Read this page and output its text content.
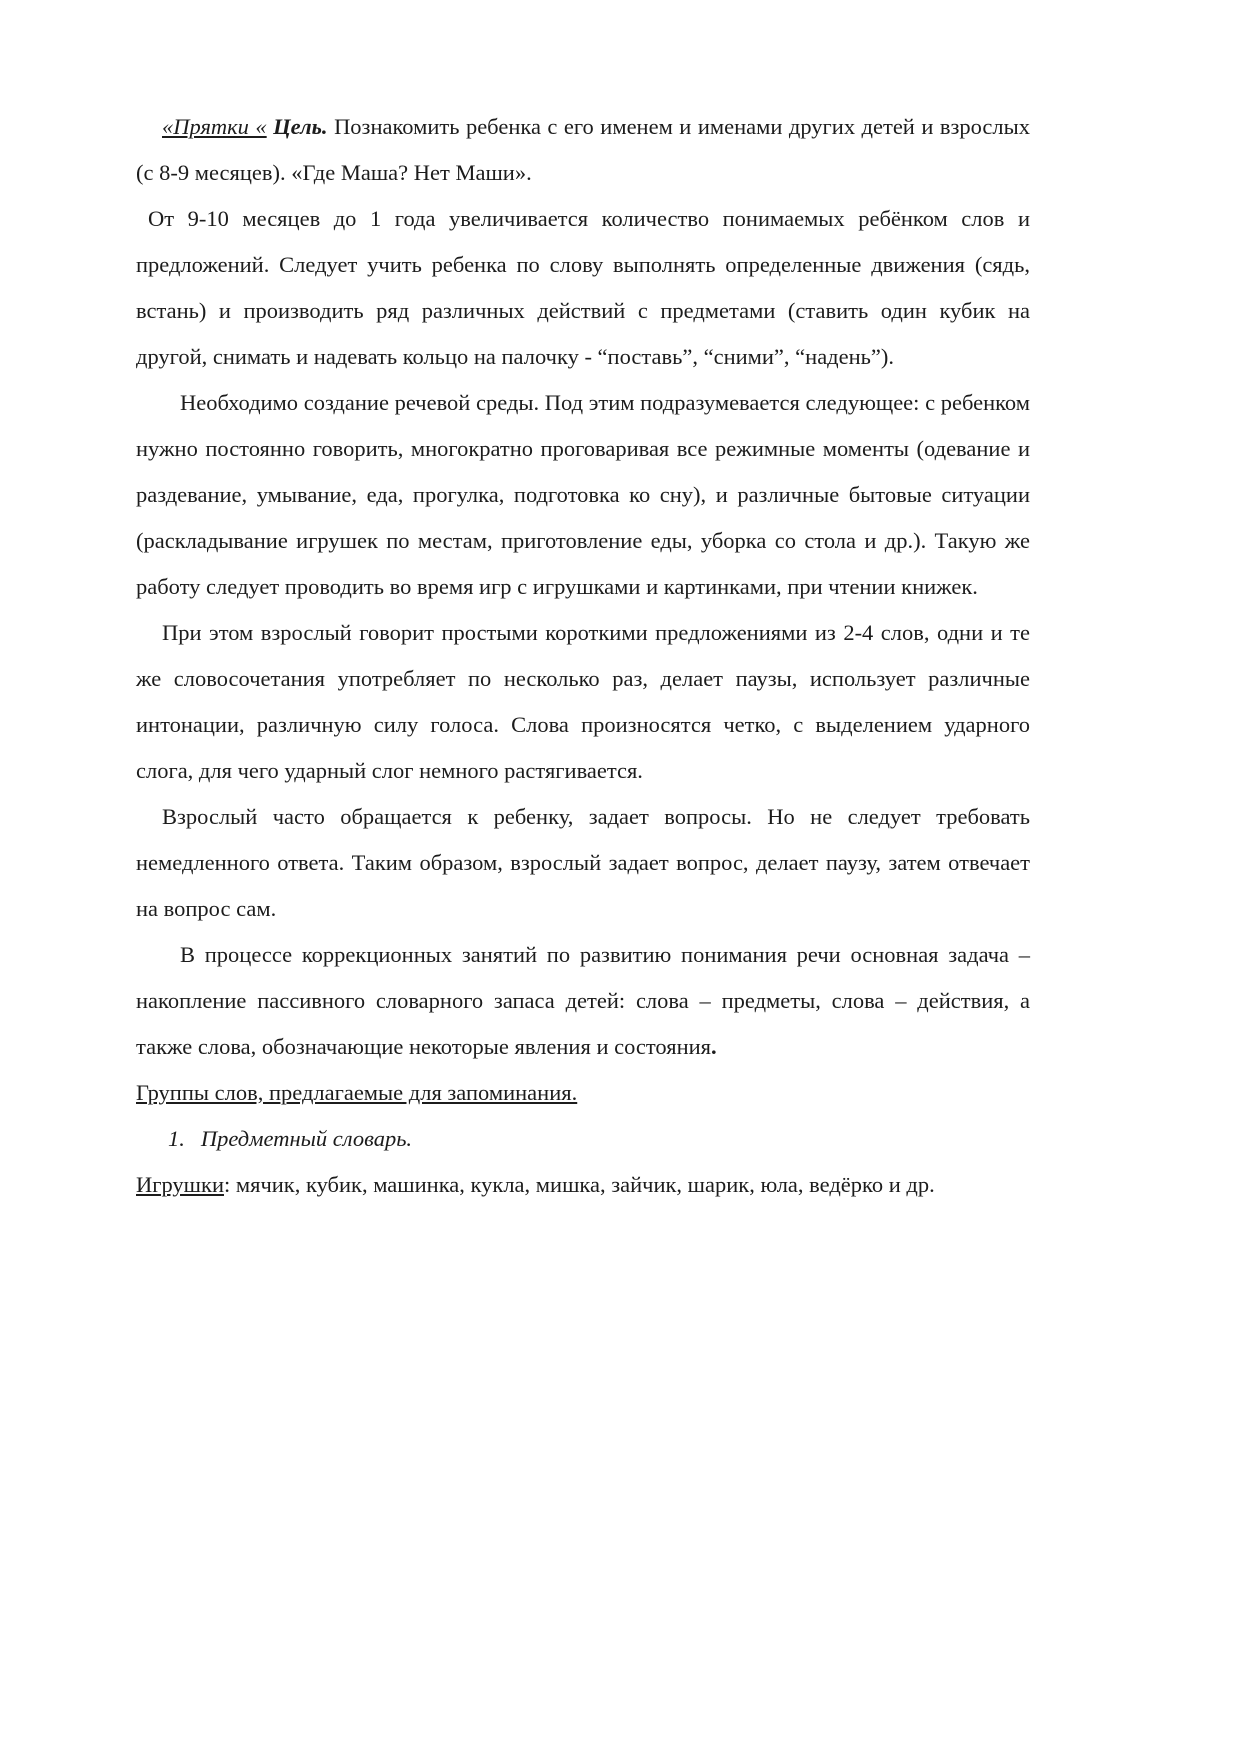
«Прятки « Цель. Познакомить ребенка с его именем и именами других детей и взрослых (с 8-9 месяцев). «Где Маша? Нет Маши».

От 9-10 месяцев до 1 года увеличивается количество понимаемых ребёнком слов и предложений. Следует учить ребенка по слову выполнять определенные движения (сядь, встань) и производить ряд различных действий с предметами (ставить один кубик на другой, снимать и надевать кольцо на палочку - “поставь”, “сними”, “надень”).

Необходимо создание речевой среды. Под этим подразумевается следующее: с ребенком нужно постоянно говорить, многократно проговаривая все режимные моменты (одевание и раздевание, умывание, еда, прогулка, подготовка ко сну), и различные бытовые ситуации (раскладывание игрушек по местам, приготовление еды, уборка со стола и др.). Такую же работу следует проводить во время игр с игрушками и картинками, при чтении книжек.

При этом взрослый говорит простыми короткими предложениями из 2-4 слов, одни и те же словосочетания употребляет по несколько раз, делает паузы, использует различные интонации, различную силу голоса. Слова произносятся четко, с выделением ударного слога, для чего ударный слог немного растягивается.

Взрослый часто обращается к ребенку, задает вопросы. Но не следует требовать немедленного ответа. Таким образом, взрослый задает вопрос, делает паузу, затем отвечает на вопрос сам.

В процессе коррекционных занятий по развитию понимания речи основная задача – накопление пассивного словарного запаса детей: слова – предметы, слова – действия, а также слова, обозначающие некоторые явления и состояния.

Группы слов, предлагаемые для запоминания.

1. Предметный словарь.

Игрушки: мячик, кубик, машинка, кукла, мишка, зайчик, шарик, юла, ведёрко и др.
